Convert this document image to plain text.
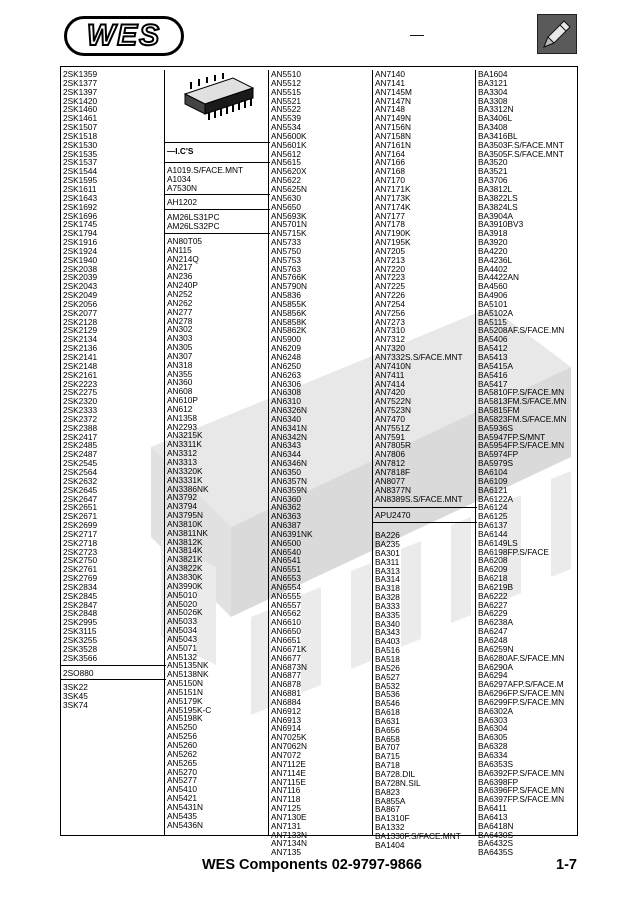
WES	—
2SK1359
2SK1377
2SK1397
2SK1420
2SK1460
2SK1461
2SK1507
2SK1518
2SK1530
2SK1535
2SK1537
2SK1544
2SK1595
2SK1611
2SK1643
2SK1692
2SK1696
2SK1745
2SK1794
2SK1916
2SK1924
2SK1940
2SK2038
2SK2039
2SK2043
2SK2049
2SK2056
2SK2077
2SK2128
2SK2129
2SK2134
2SK2136
2SK2141
2SK2148
2SK2161
2SK2223
2SK2275
2SK2320
2SK2333
2SK2372
2SK2388
2SK2417
2SK2485
2SK2487
2SK2545
2SK2564
2SK2632
2SK2645
2SK2647
2SK2651
2SK2671
2SK2699
2SK2717
2SK2718
2SK2723
2SK2750
2SK2761
2SK2769
2SK2834
2SK2845
2SK2847
2SK2848
2SK2995
2SK3115
2SK3255
2SK3528
2SK3566
2SO880
3SK22
3SK45
3SK74
—I.C'S
A1019.S/FACE.MNT
A1034
A7530N
AH1202
AM26LS31PC
AM26LS32PC
AN80T05
AN115
AN214Q
AN217
AN236
AN240P
AN252
AN262
AN277
AN278
AN302
AN303
AN305
AN307
AN318
AN355
AN360
AN608
AN610P
AN612
AN1358
AN2293
AN3215K
AN3311K
AN3312
AN3313
AN3320K
AN3331K
AN3386NK
AN3792
AN3794
AN3795N
AN3810K
AN3811NK
AN3812K
AN3814K
AN3821K
AN3822K
AN3830K
AN3990K
AN5010
AN5020
AN5026K
AN5033
AN5034
AN5043
AN5071
AN5132
AN5135NK
AN5138NK
AN5150N
AN5151N
AN5179K
AN5195K-C
AN5198K
AN5250
AN5256
AN5260
AN5262
AN5265
AN5270
AN5277
AN5410
AN5421
AN5431N
AN5435
AN5436N
AN5510
AN5512
AN5515
AN5521
AN5522
AN5539
AN5534
AN5600K
AN5601K
AN5612
AN5615
AN5620X
AN5622
AN5625N
AN5630
AN5650
AN5693K
AN5701N
AN5715K
AN5733
AN5750
AN5753
AN5763
AN5766K
AN5790N
AN5836
AN5855K
AN5856K
AN5858K
AN5862K
AN5900
AN6209
AN6248
AN6250
AN6263
AN6306
AN6308
AN6310
AN6326N
AN6340
AN6341N
AN6342N
AN6343
AN6344
AN6346N
AN6350
AN6357N
AN6359N
AN6360
AN6362
AN6363
AN6387
AN6391NK
AN6500
AN6540
AN6541
AN6551
AN6553
AN6554
AN6555
AN6557
AN6562
AN6610
AN6650
AN6651
AN6671K
AN6677
AN6873N
AN6877
AN6878
AN6881
AN6884
AN6912
AN6913
AN6914
AN7025K
AN7062N
AN7072
AN7112E
AN7114E
AN7115E
AN7116
AN7118
AN7125
AN7130E
AN7131
AN7133N
AN7134N
AN7135
AN7140
AN7141
AN7145M
AN7147N
AN7148
AN7149N
AN7156N
AN7158N
AN7161N
AN7164
AN7166
AN7168
AN7170
AN7171K
AN7173K
AN7174K
AN7177
AN7178
AN7190K
AN7195K
AN7205
AN7213
AN7220
AN7223
AN7225
AN7226
AN7254
AN7256
AN7273
AN7310
AN7312
AN7320
AN7332S.S/FACE.MNT
AN7410N
AN7411
AN7414
AN7420
AN7522N
AN7523N
AN7470
AN7551Z
AN7591
AN7805R
AN7806
AN7812
AN7818F
AN8077
AN8377N
AN8389S.S/FACE.MNT
APU2470
BA226
BA235
BA301
BA311
BA313
BA314
BA318
BA328
BA333
BA335
BA340
BA343
BA403
BA516
BA518
BA526
BA527
BA532
BA536
BA546
BA618
BA631
BA656
BA658
BA707
BA715
BA718
BA728.DIL
BA728N.SIL
BA823
BA855A
BA867
BA1310F
BA1332
BA1330F.S/FACE.MNT
BA1404
BA1604
BA3121
BA3304
BA3308
BA3312N
BA3406L
BA3408
BA3416BL
BA3503F.S/FACE.MNT
BA3505F.S/FACE.MNT
BA3520
BA3521
BA3706
BA3812L
BA3822LS
BA3824LS
BA3904A
BA3910BV3
BA3918
BA3920
BA4220
BA4236L
BA4402
BA4422AN
BA4560
BA4906
BA5101
BA5102A
BA5115
BA5208AF.S/FACE.MN
BA5406
BA5412
BA5413
BA5415A
BA5416
BA5417
BA5810FP.S/FACE.MN
BA5813FM.S/FACE.MN
BA5815FM
BA5823FM.S/FACE.MN
BA5936S
BA5947FP.S/MNT
BA5954FP.S/FACE.MN
BA5974FP
BA5979S
BA6104
BA6109
BA6121
BA6122A
BA6124
BA6125
BA6137
BA6144
BA6149LS
BA6198FP.S/FACE
BA6208
BA6209
BA6218
BA6219B
BA6222
BA6227
BA6229
BA6238A
BA6247
BA6248
BA6259N
BA6280AF.S/FACE.MN
BA6290A
BA6294
BA6297AFP.S/FACE.M
BA6296FP.S/FACE.MN
BA6299FP.S/FACE.MN
BA6302A
BA6303
BA6304
BA6305
BA6328
BA6334
BA6353S
BA6392FP.S/FACE.MN
BA6398FP
BA6396FP.S/FACE.MN
BA6397FP.S/FACE.MN
BA6411
BA6413
BA6418N
BA6430S
BA6432S
BA6435S
WES Components 02-9797-9866	1-7
